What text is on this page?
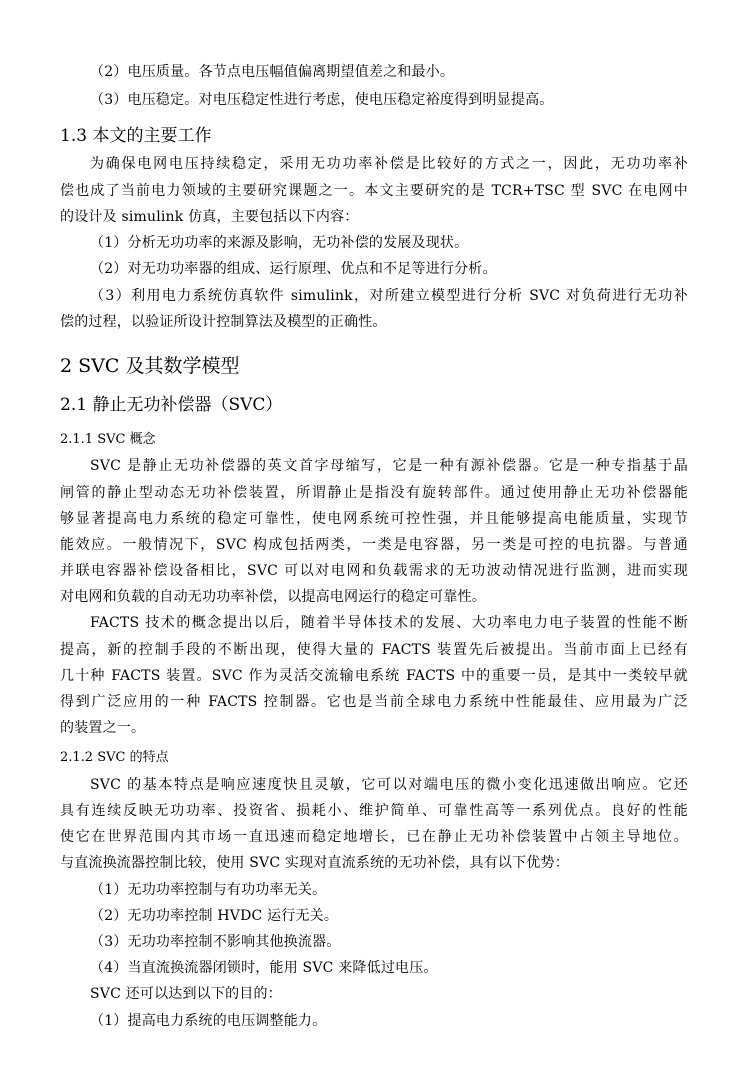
（2）电压质量。各节点电压幅值偏离期望值差之和最小。
（3）电压稳定。对电压稳定性进行考虑，使电压稳定裕度得到明显提高。
1.3 本文的主要工作
为确保电网电压持续稳定，采用无功功率补偿是比较好的方式之一，因此，无功功率补
偿也成了当前电力领域的主要研究课题之一。本文主要研究的是 TCR+TSC 型 SVC 在电网中
的设计及 simulink 仿真，主要包括以下内容：
（1）分析无功功率的来源及影响，无功补偿的发展及现状。
（2）对无功功率器的组成、运行原理、优点和不足等进行分析。
（3）利用电力系统仿真软件 simulink，对所建立模型进行分析 SVC 对负荷进行无功补
偿的过程，以验证所设计控制算法及模型的正确性。
2 SVC 及其数学模型
2.1 静止无功补偿器（SVC）
2.1.1 SVC 概念
SVC 是静止无功补偿器的英文首字母缩写，它是一种有源补偿器。它是一种专指基于晶
闸管的静止型动态无功补偿装置，所谓静止是指没有旋转部件。通过使用静止无功补偿器能
够显著提高电力系统的稳定可靠性，使电网系统可控性强，并且能够提高电能质量，实现节
能效应。一般情况下，SVC 构成包括两类，一类是电容器，另一类是可控的电抗器。与普通
并联电容器补偿设备相比，SVC 可以对电网和负载需求的无功波动情况进行监测，进而实现
对电网和负载的自动无功功率补偿，以提高电网运行的稳定可靠性。
FACTS 技术的概念提出以后，随着半导体技术的发展、大功率电力电子装置的性能不断
提高，新的控制手段的不断出现，使得大量的 FACTS 装置先后被提出。当前市面上已经有
几十种 FACTS 装置。SVC 作为灵活交流输电系统 FACTS 中的重要一员，是其中一类较早就
得到广泛应用的一种 FACTS 控制器。它也是当前全球电力系统中性能最佳、应用最为广泛
的装置之一。
2.1.2 SVC 的特点
SVC 的基本特点是响应速度快且灵敏，它可以对端电压的微小变化迅速做出响应。它还
具有连续反映无功功率、投资省、损耗小、维护简单、可靠性高等一系列优点。良好的性能
使它在世界范围内其市场一直迅速而稳定地增长，已在静止无功补偿装置中占领主导地位。
与直流换流器控制比较，使用 SVC 实现对直流系统的无功补偿，具有以下优势：
（1）无功功率控制与有功功率无关。
（2）无功功率控制 HVDC 运行无关。
（3）无功功率控制不影响其他换流器。
（4）当直流换流器闭锁时，能用 SVC 来降低过电压。
SVC 还可以达到以下的目的：
（1）提高电力系统的电压调整能力。
